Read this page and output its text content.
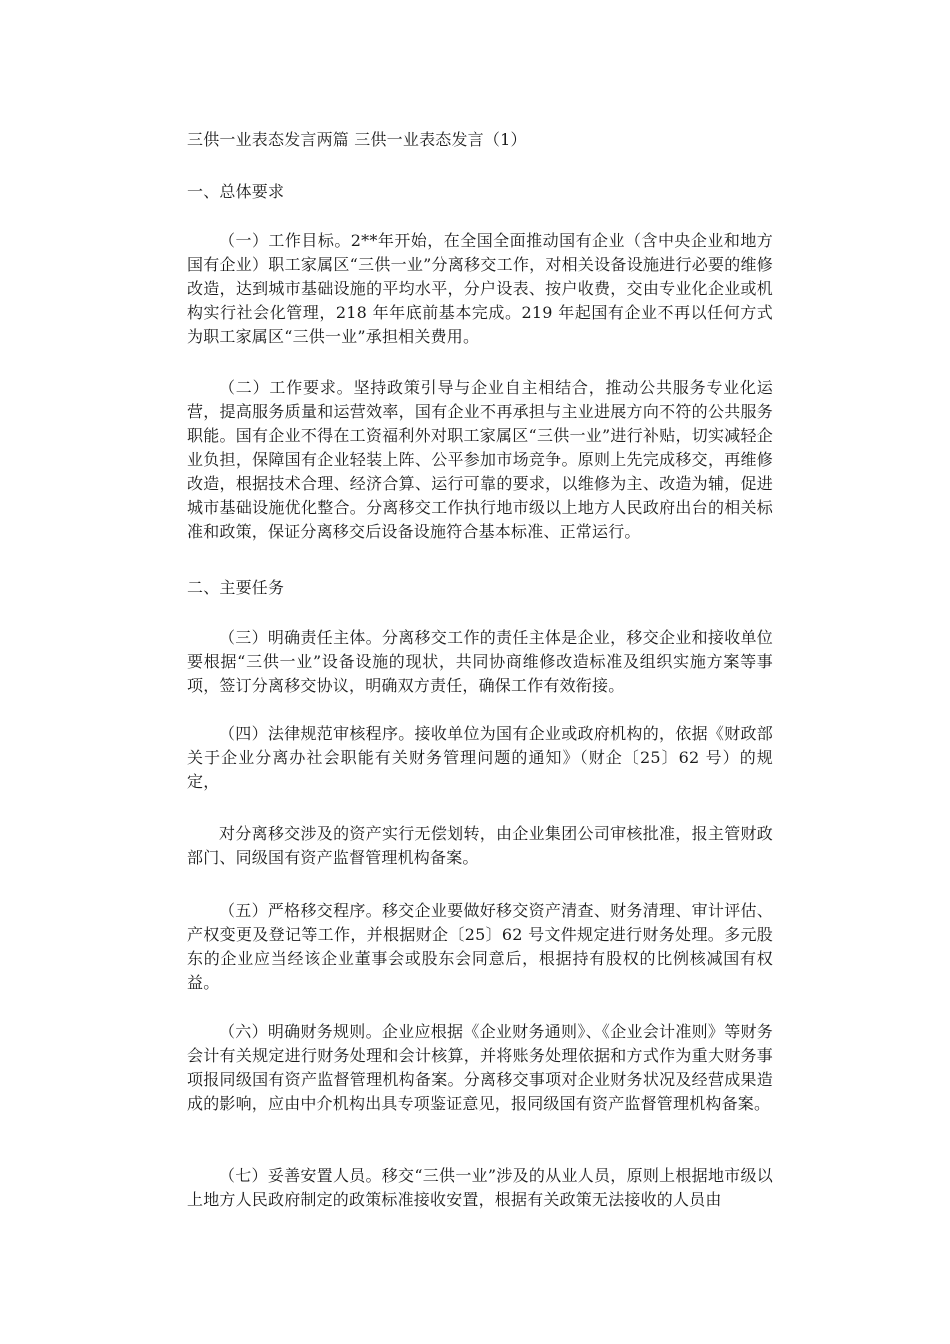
三供一业表态发言两篇 三供一业表态发言（1）
一、总体要求
（一）工作目标。2**年开始，在全国全面推动国有企业（含中央企业和地方国有企业）职工家属区“三供一业”分离移交工作，对相关设备设施进行必要的维修改造，达到城市基础设施的平均水平，分户设表、按户收费，交由专业化企业或机构实行社会化管理，218 年年底前基本完成。219 年起国有企业不再以任何方式为职工家属区“三供一业”承担相关费用。
（二）工作要求。坚持政策引导与企业自主相结合，推动公共服务专业化运营，提高服务质量和运营效率，国有企业不再承担与主业进展方向不符的公共服务职能。国有企业不得在工资福利外对职工家属区“三供一业”进行补贴，切实减轻企业负担，保障国有企业轻装上阵、公平参加市场竞争。原则上先完成移交，再维修改造，根据技术合理、经济合算、运行可靠的要求，以维修为主、改造为辅，促进城市基础设施优化整合。分离移交工作执行地市级以上地方人民政府出台的相关标准和政策，保证分离移交后设备设施符合基本标准、正常运行。
二、主要任务
（三）明确责任主体。分离移交工作的责任主体是企业，移交企业和接收单位要根据“三供一业”设备设施的现状，共同协商维修改造标准及组织实施方案等事项，签订分离移交协议，明确双方责任，确保工作有效衔接。
（四）法律规范审核程序。接收单位为国有企业或政府机构的，依据《财政部关于企业分离办社会职能有关财务管理问题的通知》（财企〔25〕62 号）的规定，
对分离移交涉及的资产实行无偿划转，由企业集团公司审核批准，报主管财政部门、同级国有资产监督管理机构备案。
（五）严格移交程序。移交企业要做好移交资产清查、财务清理、审计评估、产权变更及登记等工作，并根据财企〔25〕62 号文件规定进行财务处理。多元股东的企业应当经该企业董事会或股东会同意后，根据持有股权的比例核减国有权益。
（六）明确财务规则。企业应根据《企业财务通则》、《企业会计准则》等财务会计有关规定进行财务处理和会计核算，并将账务处理依据和方式作为重大财务事项报同级国有资产监督管理机构备案。分离移交事项对企业财务状况及经营成果造成的影响，应由中介机构出具专项鉴证意见，报同级国有资产监督管理机构备案。
（七）妥善安置人员。移交“三供一业”涉及的从业人员，原则上根据地市级以上地方人民政府制定的政策标准接收安置，根据有关政策无法接收的人员由
